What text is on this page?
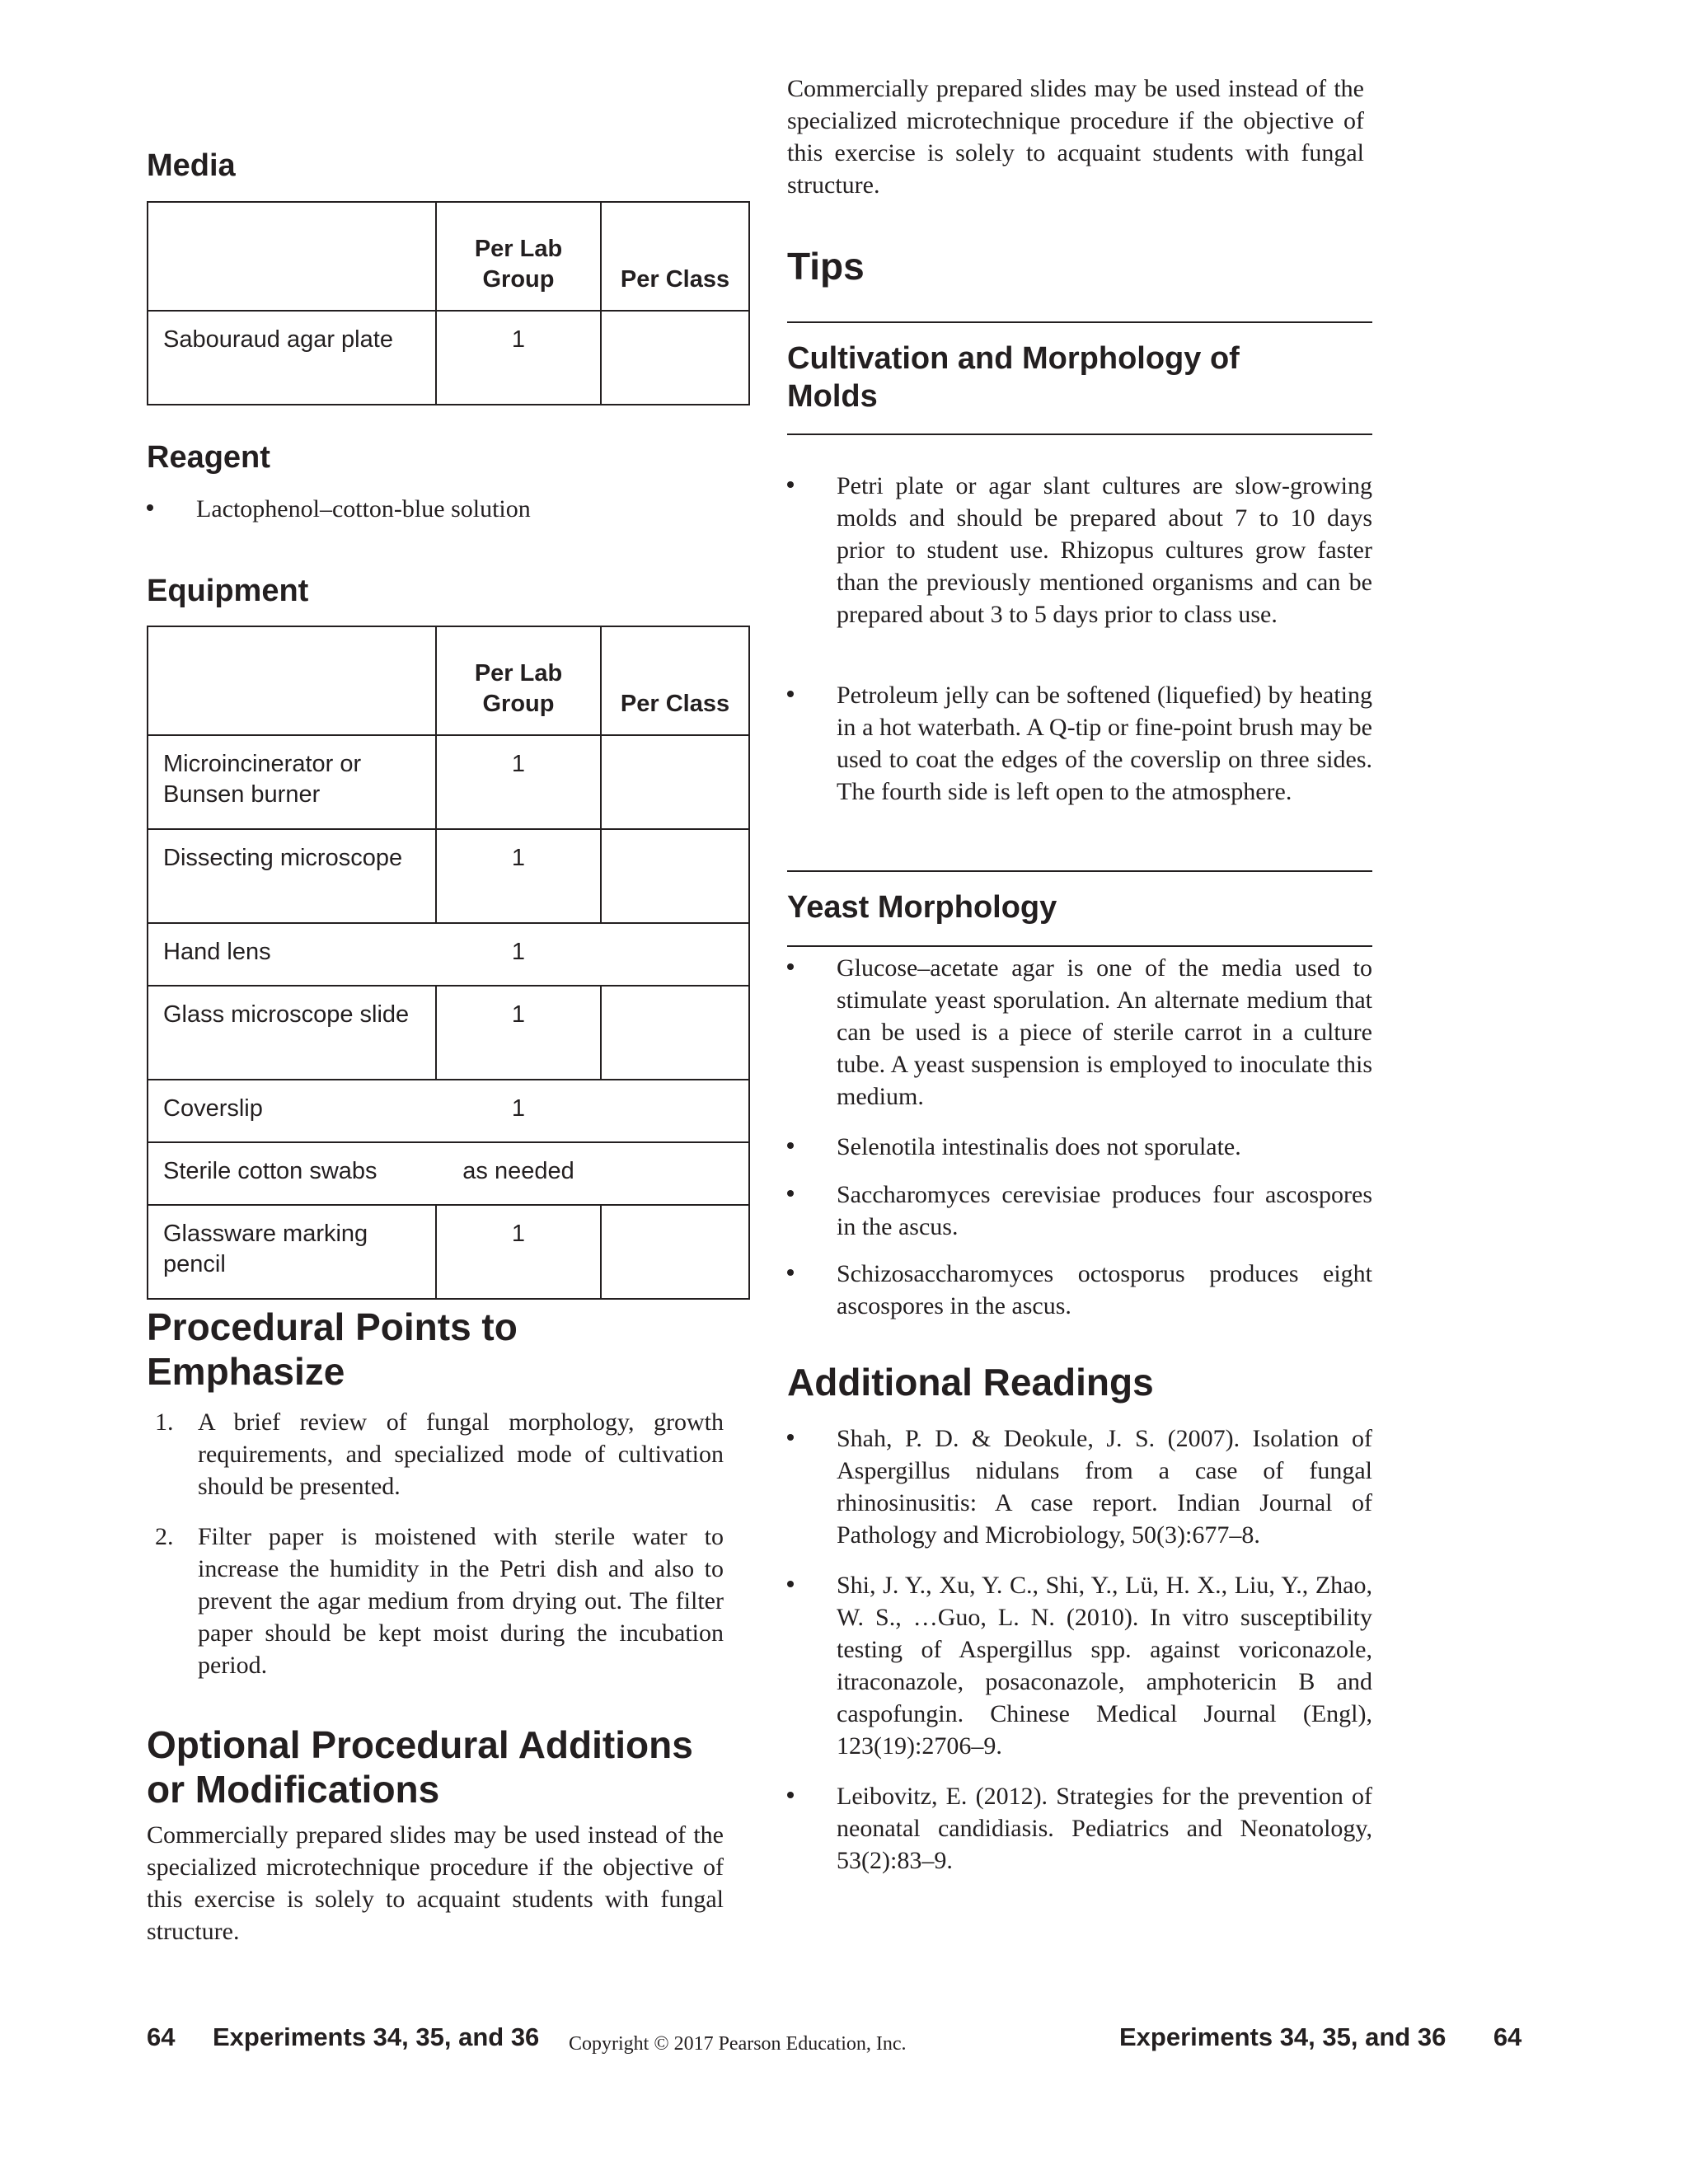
Media
	Per Lab Group	Per Class
Sabouraud agar plate	1	
Reagent
Lactophenol–cotton-blue solution
Equipment
	Per Lab Group	Per Class
Microincinerator or Bunsen burner	1	
Dissecting microscope	1	
Hand lens	1	
Glass microscope slide	1	
Coverslip	1	
Sterile cotton swabs	as needed	
Glassware marking pencil	1	
Procedural Points to
Emphasize
1. A brief review of fungal morphology, growth requirements, and specialized mode of cultivation should be presented.
2. Filter paper is moistened with sterile water to increase the humidity in the Petri dish and also to prevent the agar medium from drying out. The filter paper should be kept moist during the incubation period.
Optional Procedural Additions
or Modifications
Commercially prepared slides may be used instead of the specialized microtechnique procedure if the objective of this exercise is solely to acquaint students with fungal structure.
Commercially prepared slides may be used instead of the specialized microtechnique procedure if the objective of this exercise is solely to acquaint students with fungal structure.
Tips
Cultivation and Morphology of
Molds
Petri plate or agar slant cultures are slow-growing molds and should be prepared about 7 to 10 days prior to student use. Rhizopus cultures grow faster than the previously mentioned organisms and can be prepared about 3 to 5 days prior to class use.
Petroleum jelly can be softened (liquefied) by heating in a hot waterbath. A Q-tip or fine-point brush may be used to coat the edges of the coverslip on three sides. The fourth side is left open to the atmosphere.
Yeast Morphology
Glucose–acetate agar is one of the media used to stimulate yeast sporulation. An alternate medium that can be used is a piece of sterile carrot in a culture tube. A yeast suspension is employed to inoculate this medium.
Selenotila intestinalis does not sporulate.
Saccharomyces cerevisiae produces four ascospores in the ascus.
Schizosaccharomyces octosporus produces eight ascospores in the ascus.
Additional Readings
Shah, P. D. & Deokule, J. S. (2007). Isolation of Aspergillus nidulans from a case of fungal rhinosinusitis: A case report. Indian Journal of Pathology and Microbiology, 50(3):677–8.
Shi, J. Y., Xu, Y. C., Shi, Y., Lü, H. X., Liu, Y., Zhao, W. S., …Guo, L. N. (2010). In vitro susceptibility testing of Aspergillus spp. against voriconazole, itraconazole, posaconazole, amphotericin B and caspofungin. Chinese Medical Journal (Engl), 123(19):2706–9.
Leibovitz, E. (2012). Strategies for the prevention of neonatal candidiasis. Pediatrics and Neonatology, 53(2):83–9.
64 Experiments 34, 35, and 36 Copyright © 2017 Pearson Education, Inc.	Experiments 34, 35, and 36 64
